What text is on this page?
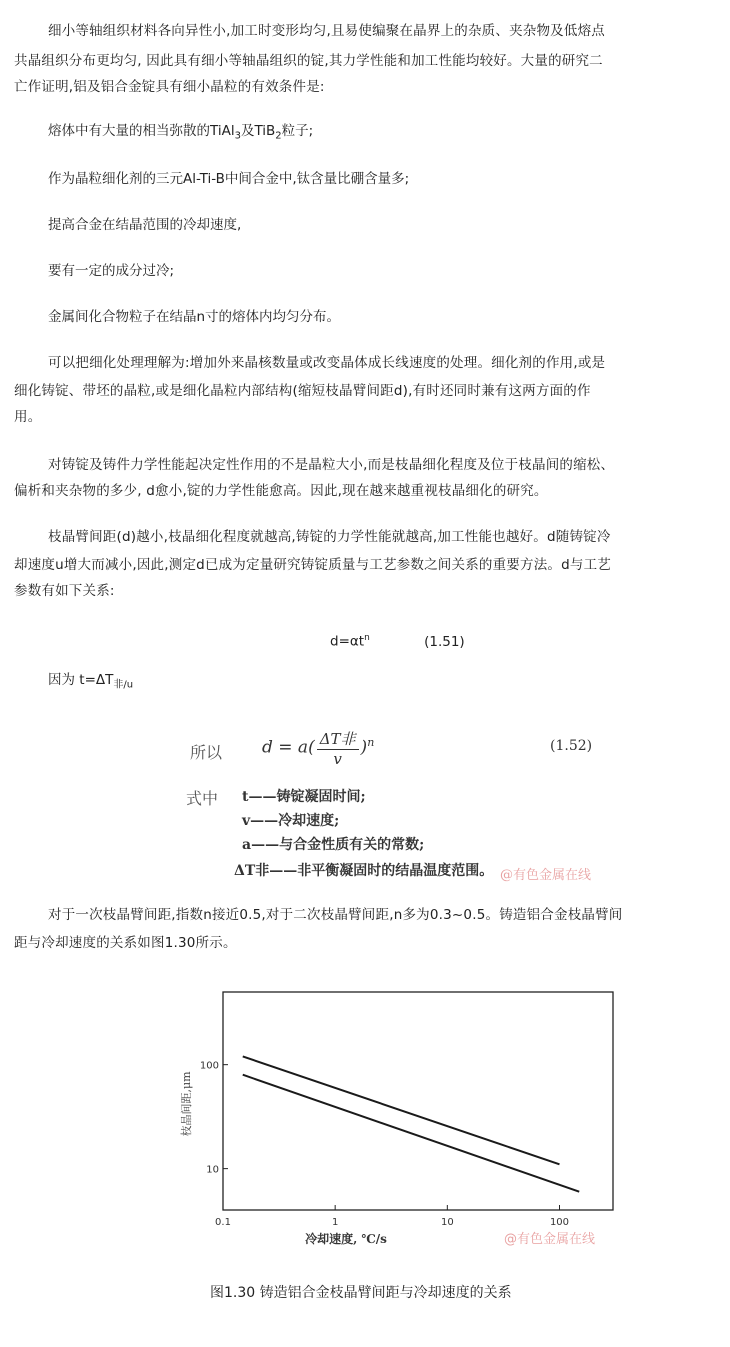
细小等轴组织材料各向异性小,加工时变形均匀,且易使编聚在晶界上的杂质、夹杂物及低熔点

共晶组织分布更均匀, 因此具有细小等轴晶组织的锭,其力学性能和加工性能均较好。大量的研究二

亡作证明,铝及铝合金锭具有细小晶粒的有效条件是:

熔体中有大量的相当弥散的TiAl$_3$及TiB$_2$粒子;

作为晶粒细化剂的三元Al-Ti-B中间合金中,钛含量比硼含量多;

提高合金在结晶范围的冷却速度,

要有一定的成分过冷;

金属间化合物粒子在结晶n寸的熔体内均匀分布。

可以把细化处理理解为:增加外来晶核数量或改变晶体成长线速度的处理。细化剂的作用,或是

细化铸锭、带坯的晶粒,或是细化晶粒内部结构(缩短枝晶臂间距d),有时还同时兼有这两方面的作

用。

对铸锭及铸件力学性能起决定性作用的不是晶粒大小,而是枝晶细化程度及位于枝晶间的缩松、

偏析和夹杂物的多少, d愈小,锭的力学性能愈高。因此,现在越来越重视枝晶细化的研究。

枝晶臂间距(d)越小,枝晶细化程度就越高,铸锭的力学性能就越高,加工性能也越好。d随铸锭冷

却速度u增大而减小,因此,测定d已成为定量研究铸锭质量与工艺参数之间关系的重要方法。d与工艺

参数有如下关系:

$d=\alpha t^n$	(1.51)
因为 $t=\Delta T_{非/u}$
所以 d = a( ΔT非
v
)$^n$	(1.52)
式中 t——铸锭凝固时间;
v——冷却速度;
a——与合金性质有关的常数;
ΔT非——非平衡凝固时的结晶温度范围。 @有色金属在线

对于一次枝晶臂间距,指数n接近0.5,对于二次枝晶臂间距,n多为0.3~0.5。铸造铝合金枝晶臂间

距与冷却速度的关系如图1.30所示。

100
10
0.1	1	10	100
枝晶间距,μm
冷却速度, ℃/s	@有色金属在线

图1.30 铸造铝合金枝晶臂间距与冷却速度的关系
